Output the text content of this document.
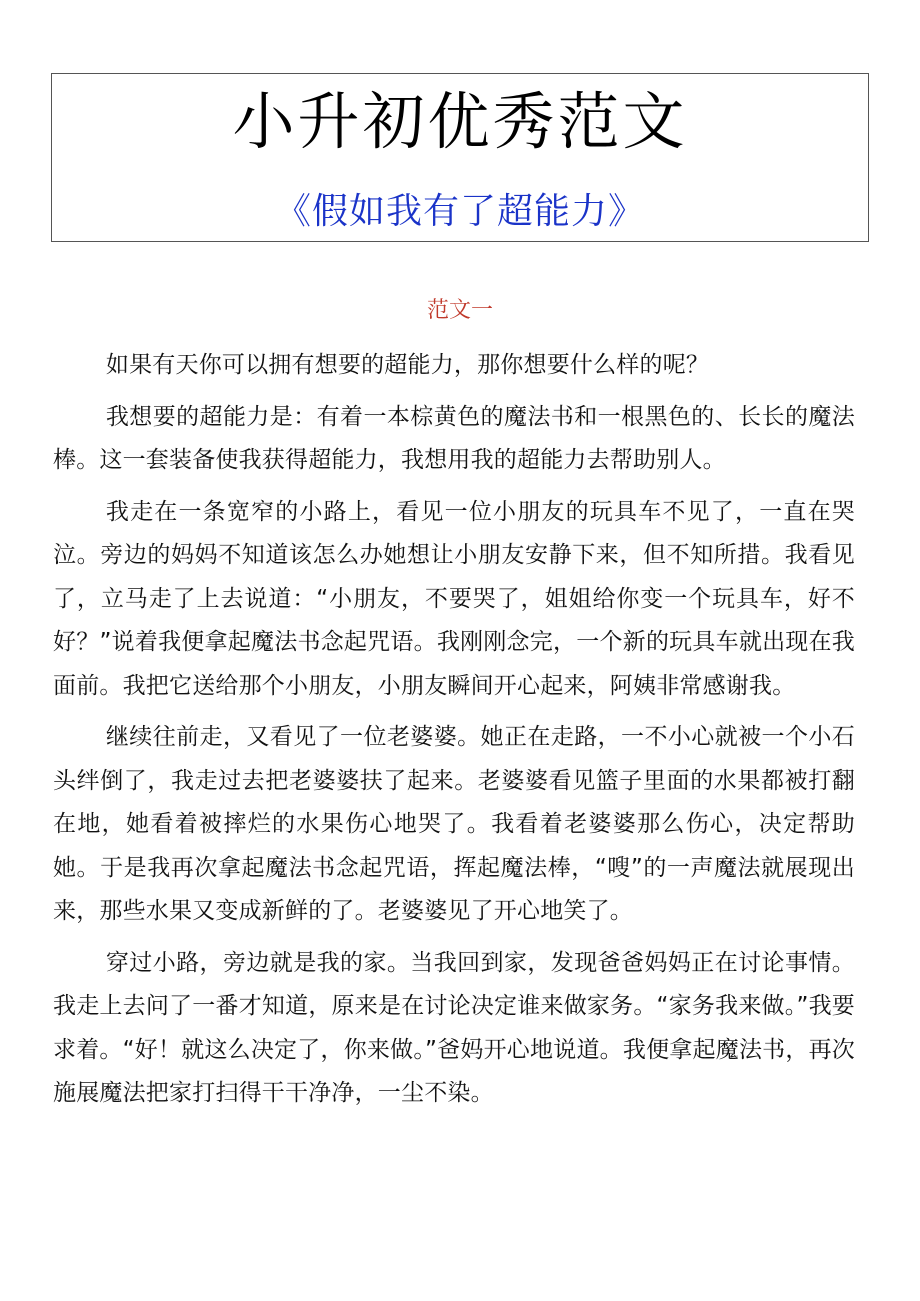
小升初优秀范文
《假如我有了超能力》
范文一

如果有天你可以拥有想要的超能力，那你想要什么样的呢？

我想要的超能力是：有着一本棕黄色的魔法书和一根黑色的、长长的魔法棒。这一套装备使我获得超能力，我想用我的超能力去帮助别人。

我走在一条宽窄的小路上，看见一位小朋友的玩具车不见了，一直在哭泣。旁边的妈妈不知道该怎么办她想让小朋友安静下来，但不知所措。我看见了，立马走了上去说道：“小朋友，不要哭了，姐姐给你变一个玩具车，好不好？”说着我便拿起魔法书念起咒语。我刚刚念完，一个新的玩具车就出现在我面前。我把它送给那个小朋友，小朋友瞬间开心起来，阿姨非常感谢我。

继续往前走，又看见了一位老婆婆。她正在走路，一不小心就被一个小石头绊倒了，我走过去把老婆婆扶了起来。老婆婆看见篮子里面的水果都被打翻在地，她看着被摔烂的水果伤心地哭了。我看着老婆婆那么伤心，决定帮助她。于是我再次拿起魔法书念起咒语，挥起魔法棒，“嗖”的一声魔法就展现出来，那些水果又变成新鲜的了。老婆婆见了开心地笑了。

穿过小路，旁边就是我的家。当我回到家，发现爸爸妈妈正在讨论事情。我走上去问了一番才知道，原来是在讨论决定谁来做家务。“家务我来做。”我要求着。“好！就这么决定了，你来做。”爸妈开心地说道。我便拿起魔法书，再次施展魔法把家打扫得干干净净，一尘不染。
